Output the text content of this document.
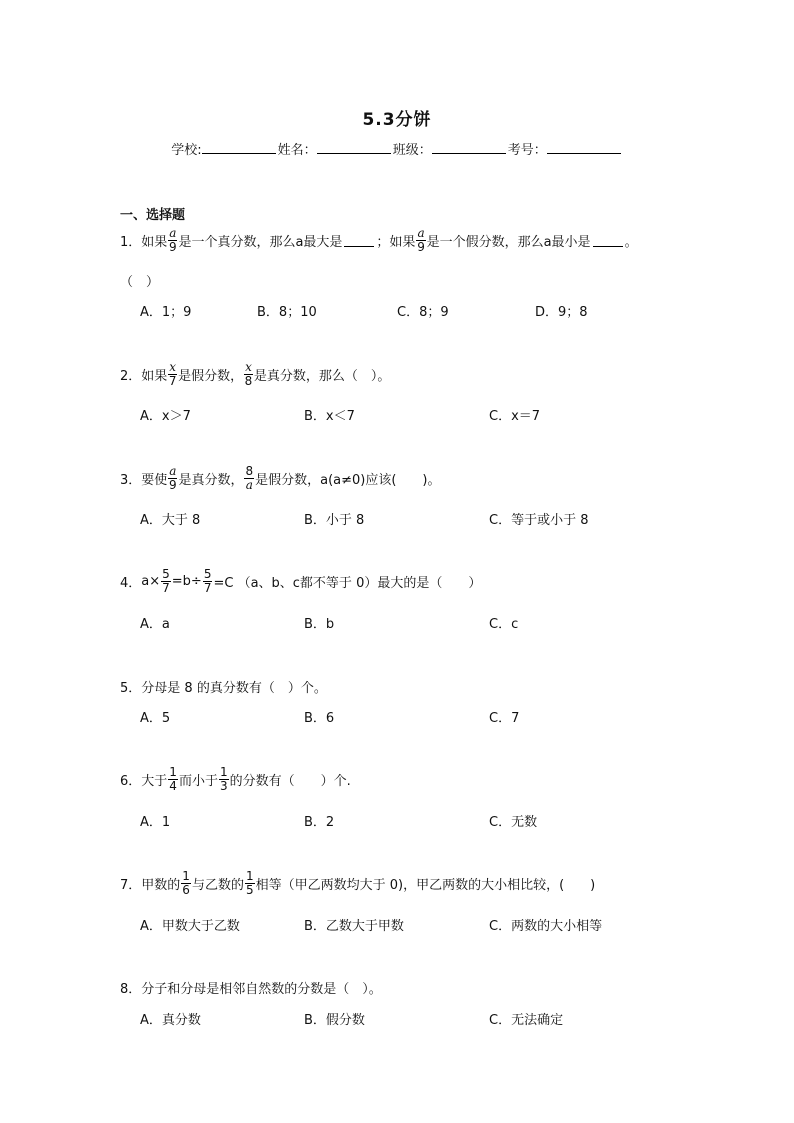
5.3分饼
学校:	姓名：	班级：	考号：
一、选择题
1． 如果 $\frac{a}{9}$ 是一个真分数，那么a最大是	；如果 $\frac{a}{9}$ 是一个假分数，那么a最小是	。
（　）
A．1；9	B．8；10	C．8；9	D．9；8
2． 如果 $\frac{x}{7}$ 是假分数， $\frac{x}{8}$ 是真分数，那么（　）。
A．x＞7	B．x＜7	C．x＝7
3． 要使 $\frac{a}{9}$ 是真分数， $\frac{8}{a}$ 是假分数，a(a≠0)应该(　　)。
A．大于 8	B．小于 8	C．等于或小于 8
4． $a\times \frac{5}{7} =b\div \frac{5}{7} =C$ （a、b、c都不等于 0）最大的是（　　）
A．a	B．b	C．c
5． 分母是 8 的真分数有（　）个。
A．5	B．6	C．7
6． 大于 $\frac{1}{4}$ 而小于 $\frac{1}{3}$ 的分数有（　　）个.
A．1	B．2	C．无数
7． 甲数的 $\frac{1}{6}$ 与乙数的 $\frac{1}{5}$ 相等（甲乙两数均大于 0)，甲乙两数的大小相比较，(　　)
A．甲数大于乙数	B．乙数大于甲数	C．两数的大小相等
8． 分子和分母是相邻自然数的分数是（　）。
A．真分数	B．假分数	C．无法确定
